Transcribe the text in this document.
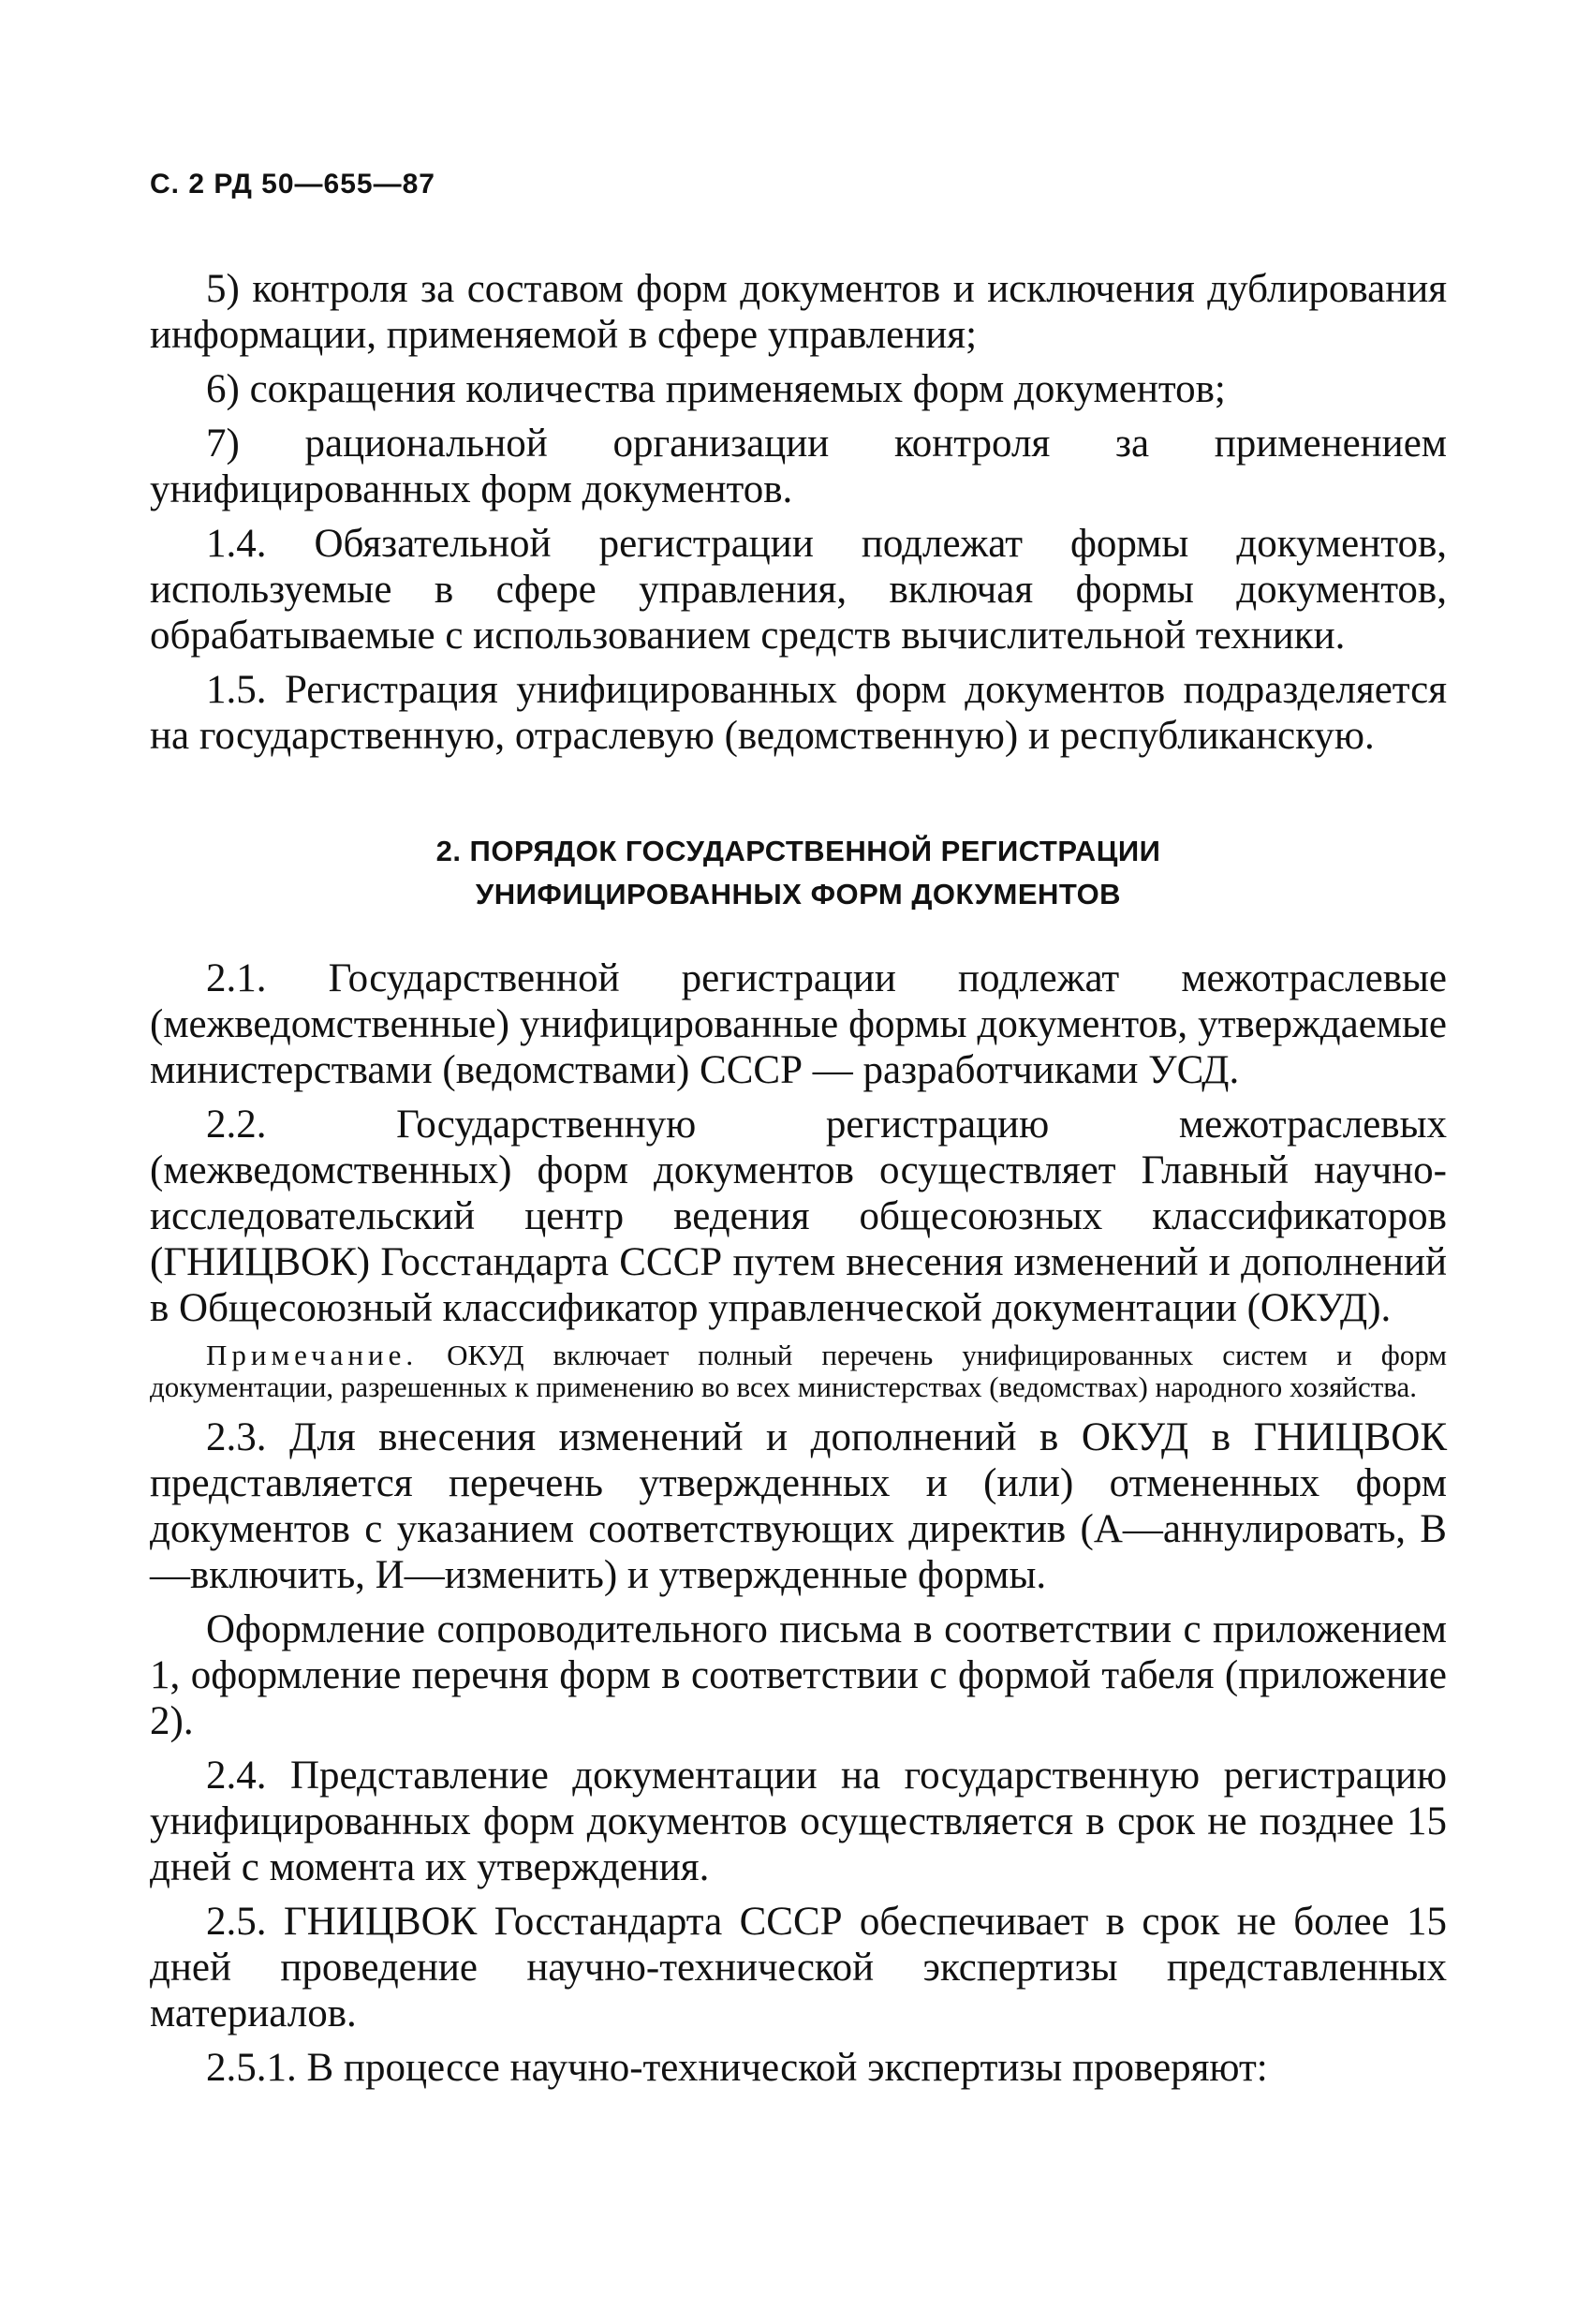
С. 2 РД 50—655—87

5) контроля за составом форм документов и исключения дублирования информации, применяемой в сфере управления;

6) сокращения количества применяемых форм документов;

7) рациональной организации контроля за применением унифицированных форм документов.

1.4. Обязательной регистрации подлежат формы документов, используемые в сфере управления, включая формы документов, обрабатываемые с использованием средств вычислительной техники.

1.5. Регистрация унифицированных форм документов подразделяется на государственную, отраслевую (ведомственную) и республиканскую.

2. ПОРЯДОК ГОСУДАРСТВЕННОЙ РЕГИСТРАЦИИ
УНИФИЦИРОВАННЫХ ФОРМ ДОКУМЕНТОВ

2.1. Государственной регистрации подлежат межотраслевые (межведомственные) унифицированные формы документов, утверждаемые министерствами (ведомствами) СССР — разработчиками УСД.

2.2. Государственную регистрацию межотраслевых (межведомственных) форм документов осуществляет Главный научно-исследовательский центр ведения общесоюзных классификаторов (ГНИЦВОК) Госстандарта СССР путем внесения изменений и дополнений в Общесоюзный классификатор управленческой документации (ОКУД).

Примечание. ОКУД включает полный перечень унифицированных систем и форм документации, разрешенных к применению во всех министерствах (ведомствах) народного хозяйства.

2.3. Для внесения изменений и дополнений в ОКУД в ГНИЦВОК представляется перечень утвержденных и (или) отмененных форм документов с указанием соответствующих директив (А—аннулировать, В—включить, И—изменить) и утвержденные формы.

Оформление сопроводительного письма в соответствии с приложением 1, оформление перечня форм в соответствии с формой табеля (приложение 2).

2.4. Представление документации на государственную регистрацию унифицированных форм документов осуществляется в срок не позднее 15 дней с момента их утверждения.

2.5. ГНИЦВОК Госстандарта СССР обеспечивает в срок не более 15 дней проведение научно-технической экспертизы представленных материалов.

2.5.1. В процессе научно-технической экспертизы проверяют:
